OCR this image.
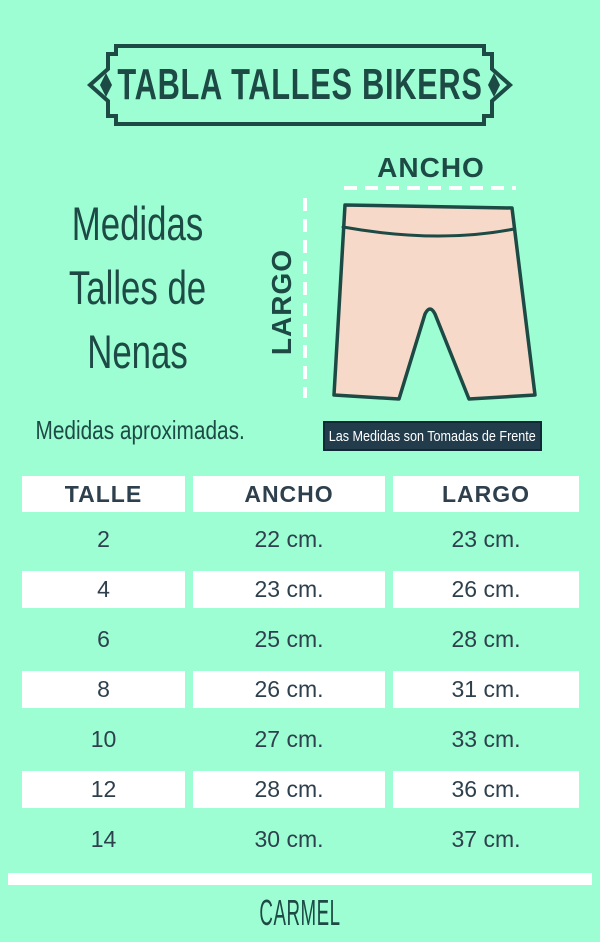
TABLA TALLES BIKERS
Medidas
Talles de
Nenas
Medidas aproximadas.
ANCHO
LARGO
Las Medidas son Tomadas de Frente
TALLE	ANCHO	LARGO
2	22 cm.	23 cm.
4	23 cm.	26 cm.
6	25 cm.	28 cm.
8	26 cm.	31 cm.
10	27 cm.	33 cm.
12	28 cm.	36 cm.
14	30 cm.	37 cm.
CARMEL
